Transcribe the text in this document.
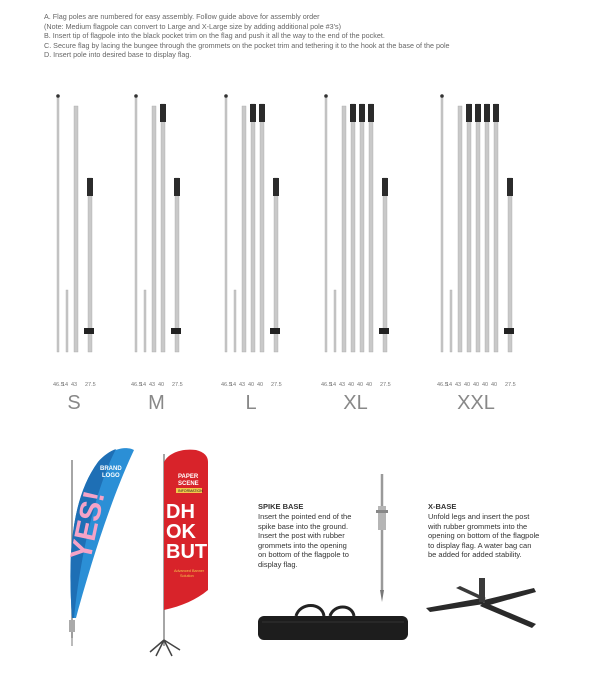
A. Flag poles are numbered for easy assembly. Follow guide above for assembly order
(Note: Medium flagpole can convert to Large and X-Large size by adding additional pole #3's)
B. Insert tip of flagpole into the black pocket trim on the flag and push it all the way to the end of the pocket.
C. Secure flag by lacing the bungee through the grommets on the pocket trim and tethering it to the hook at the base of the pole
D. Insert pole into desired base to display flag.
46.5
14 43 27.5
S
46.5
14 43 40 27.5
M
46.5
14 43 40 40 27.5
L
46.5
14 43 40 40 40 27.5
XL
46.5
14 43 40 40 40 40 27.5
XXL
BRAND
LOGO
YES!
PAPER
SCENE
INFORMATION
DH
OK
BUT
Advanced Banner
Solution
SPIKE BASE
Insert the pointed end of the
spike base into the ground.
Insert the post with rubber
grommets into the opening
on bottom of the flagpole to
display flag.
X-BASE
Unfold legs and insert the post
with rubber grommets into the
opening on bottom of the flagpole
to display flag. A water bag can
be added for added stability.
